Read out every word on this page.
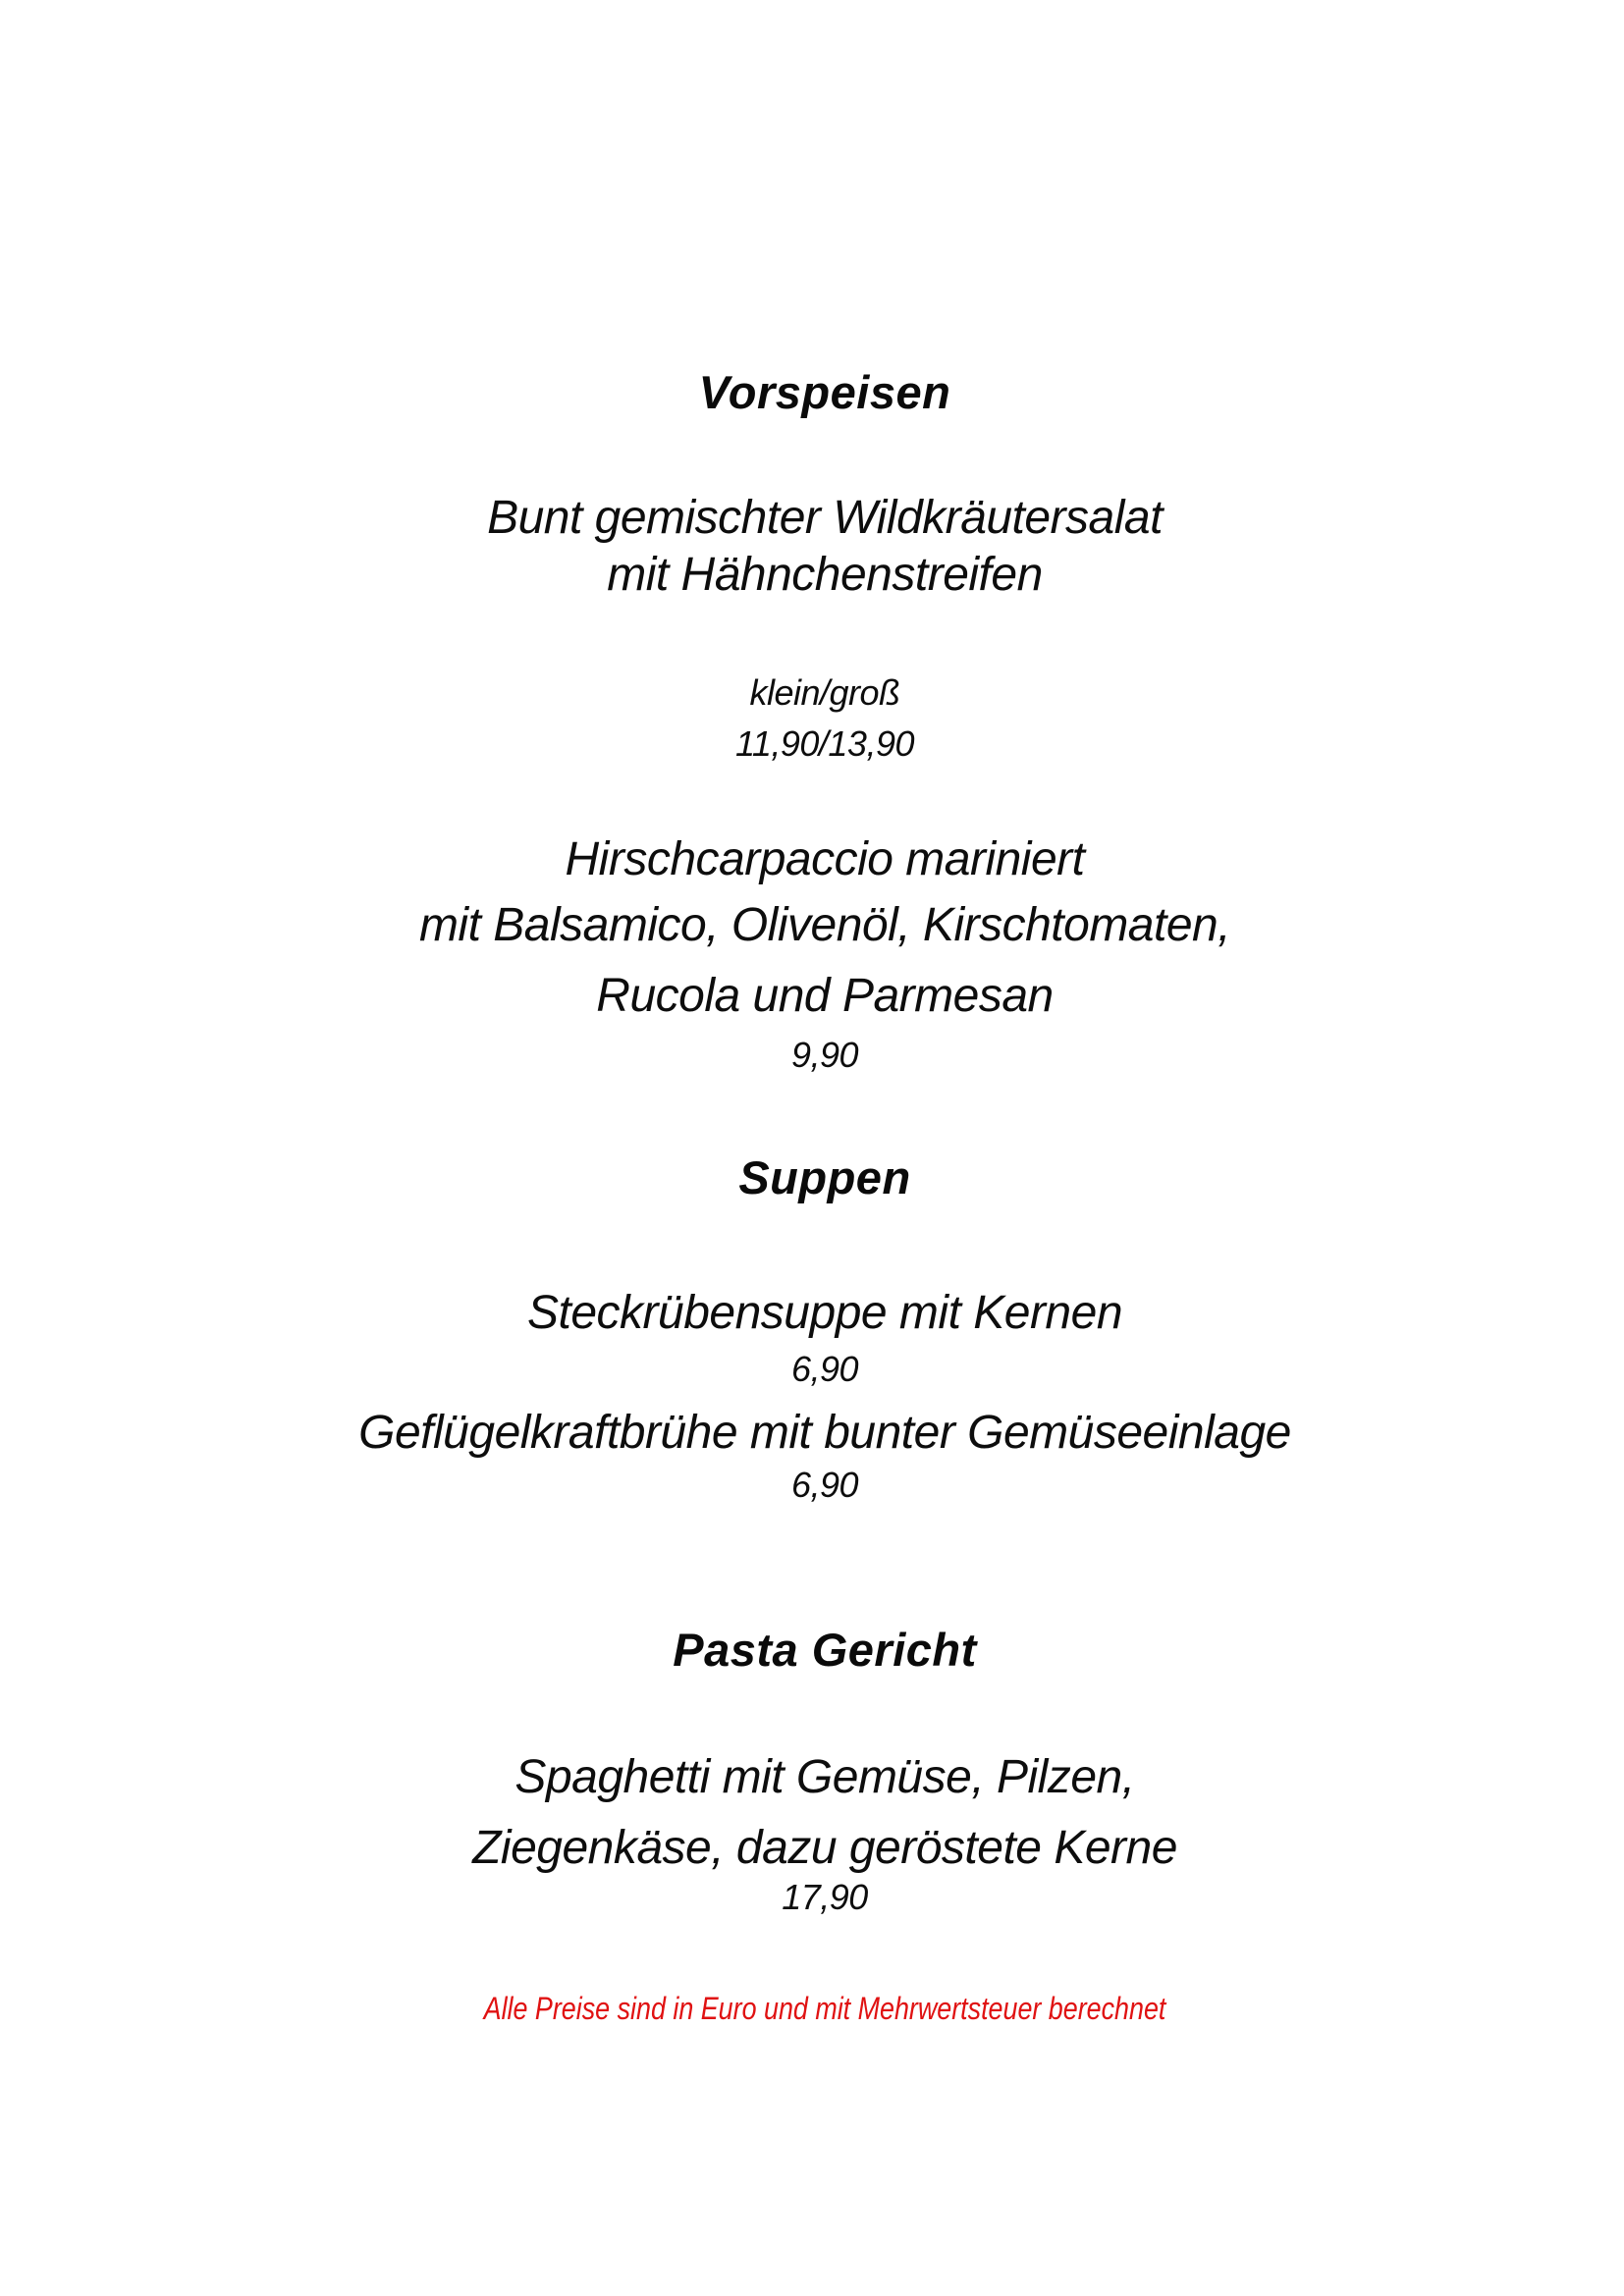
Vorspeisen
Bunt gemischter Wildkräutersalat
mit Hähnchenstreifen
klein/groß
11,90/13,90
Hirschcarpaccio mariniert
mit Balsamico, Olivenöl, Kirschtomaten,
Rucola und Parmesan
9,90
Suppen
Steckrübensuppe mit Kernen
6,90
Geflügelkraftbrühe mit bunter Gemüseeinlage
6,90
Pasta Gericht
Spaghetti mit Gemüse, Pilzen,
Ziegenkäse, dazu geröstete Kerne
17,90
Alle Preise sind in Euro und mit Mehrwertsteuer berechnet
